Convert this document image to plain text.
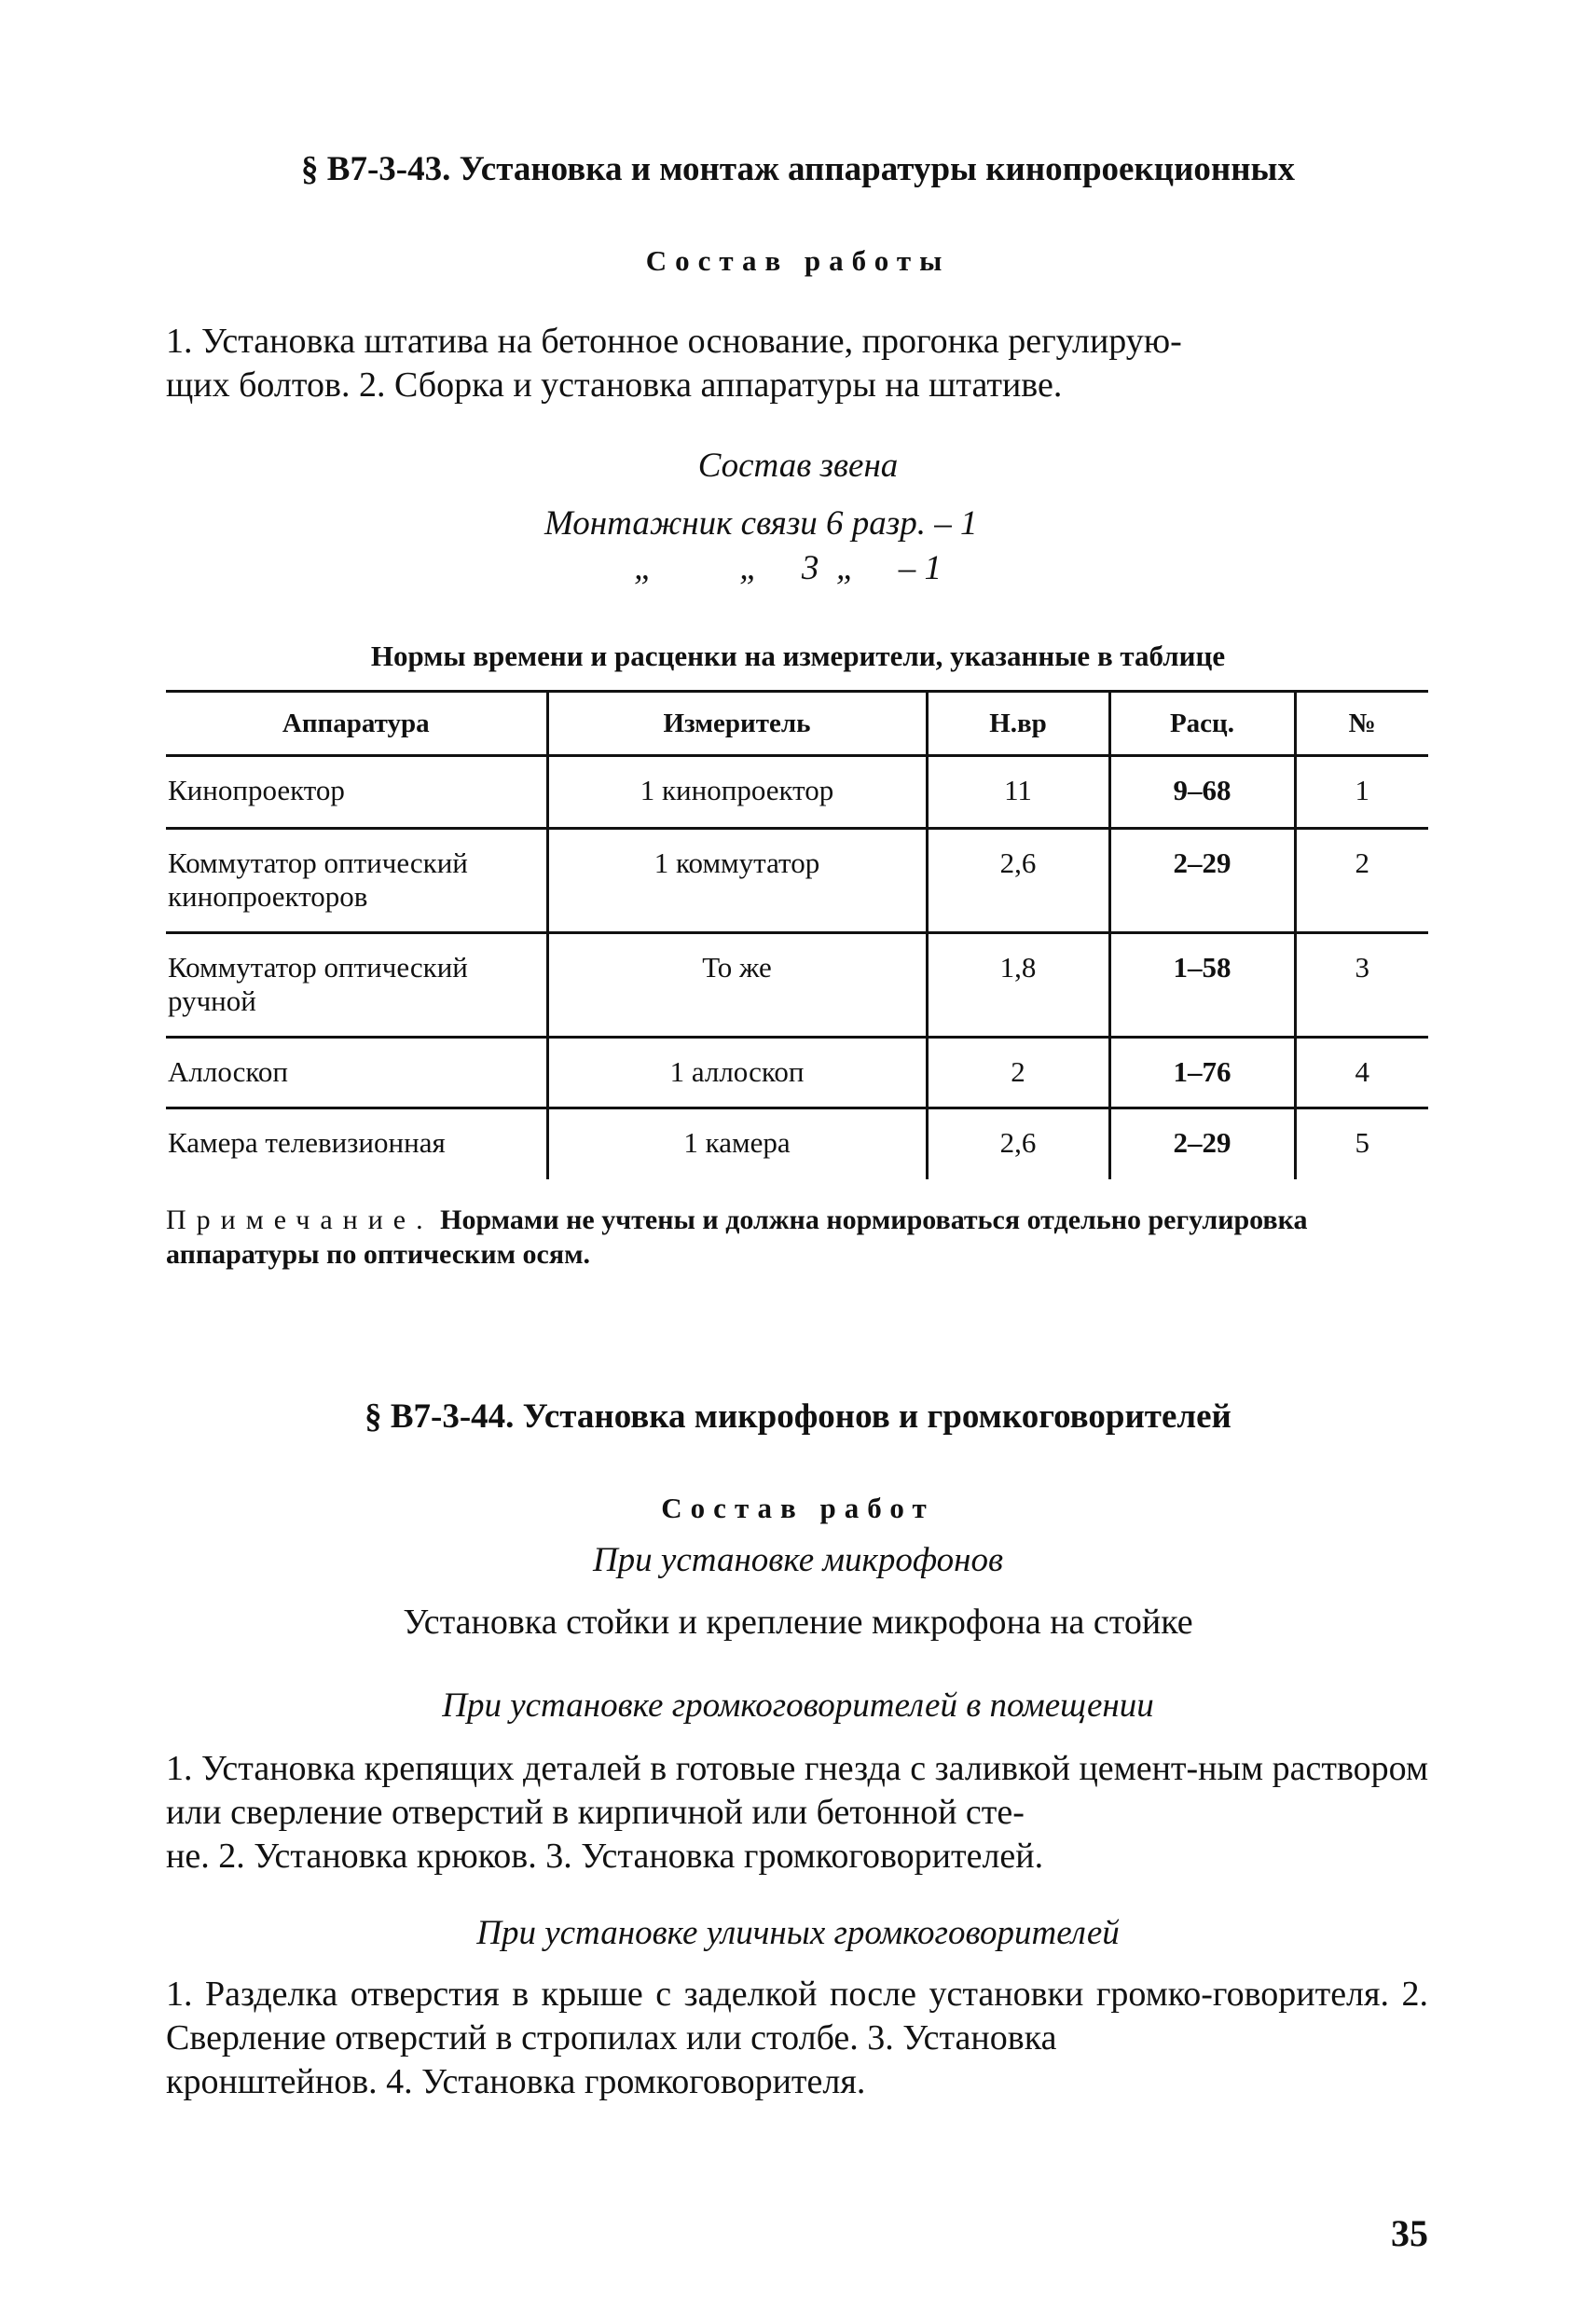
§ В7-3-43. Установка и монтаж аппаратуры кинопроекционных
Состав работы
1. Установка штатива на бетонное основание, прогонка регулирую-
щих болтов. 2. Сборка и установка аппаратуры на штативе.
Состав звена
Монтажник связи 6 разр. – 1
„          „     3  „     – 1
Нормы времени и расценки на измерители, указанные в таблице
Аппаратура	Измеритель	Н.вр	Расц.	№
Кинопроектор	1 кинопроектор	11	9–68	1
Коммутатор оптический кинопроекторов	1 коммутатор	2,6	2–29	2
Коммутатор оптический ручной	То же	1,8	1–58	3
Аллоскоп	1 аллоскоп	2	1–76	4
Камера телевизионная	1 камера	2,6	2–29	5
Примечание. Нормами не учтены и должна нормироваться отдельно регулировка аппаратуры по оптическим осям.
§ В7-3-44. Установка микрофонов и громкоговорителей
Состав работ
При установке микрофонов
Установка стойки и крепление микрофона на стойке
При установке громкоговорителей в помещении
1. Установка крепящих деталей в готовые гнезда с заливкой цемент-ным раствором или сверление отверстий в кирпичной или бетонной сте-
не. 2. Установка крюков. 3. Установка громкоговорителей.
При установке уличных громкоговорителей
1. Разделка отверстия в крыше с заделкой после установки громко-говорителя. 2. Сверление отверстий в стропилах или столбе. 3. Установка
кронштейнов. 4. Установка громкоговорителя.
35
